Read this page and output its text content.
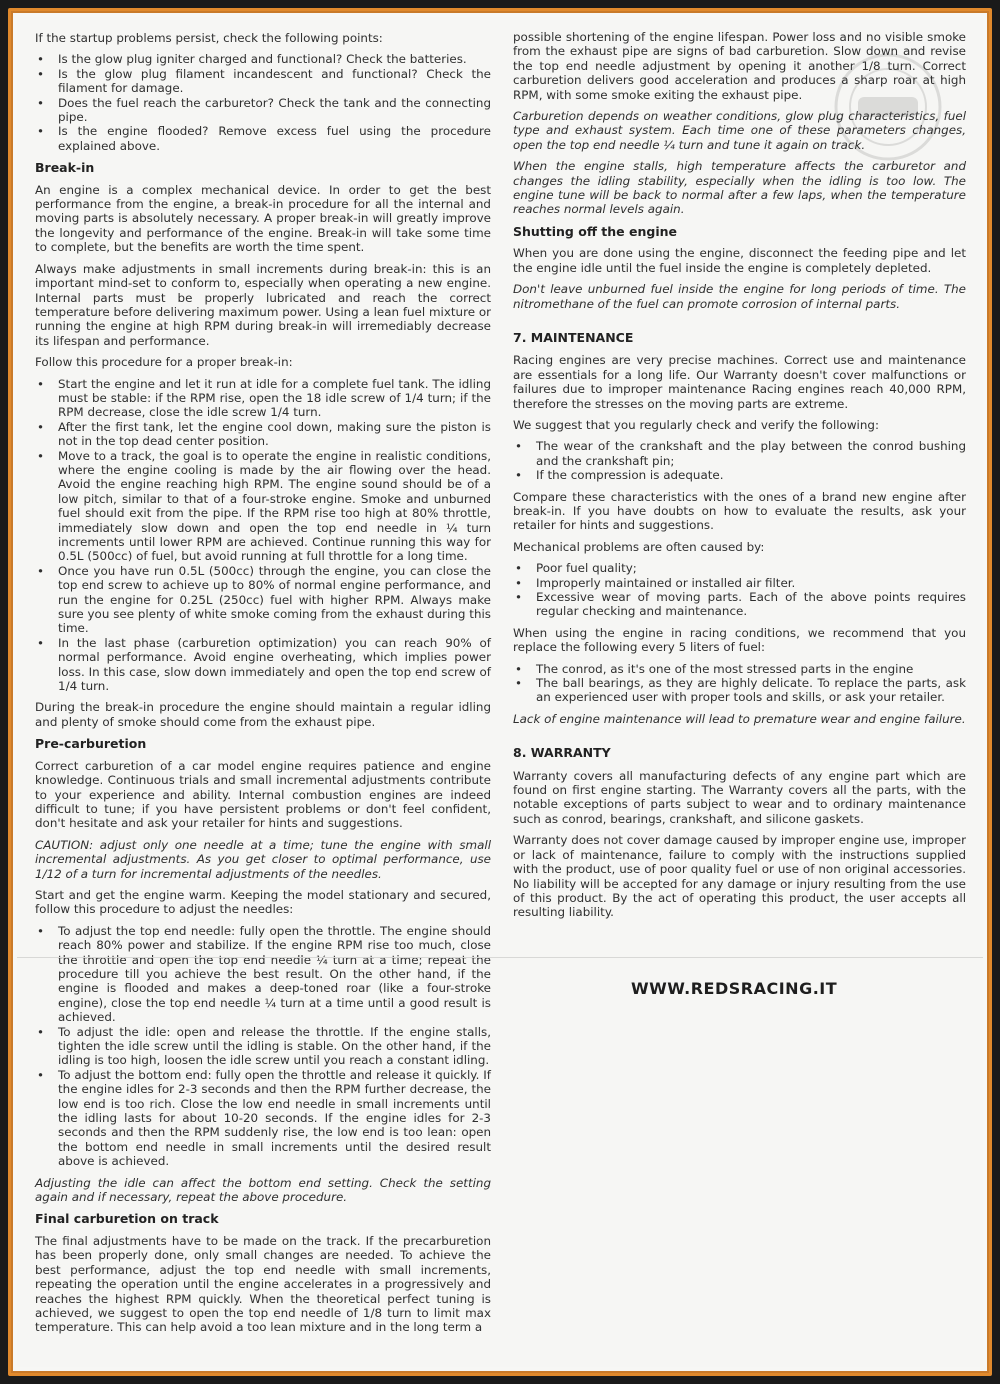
If the startup problems persist, check the following points:

• Is the glow plug igniter charged and functional? Check the batteries.
• Is the glow plug filament incandescent and functional? Check the filament for damage.
• Does the fuel reach the carburetor? Check the tank and the connecting pipe.
• Is the engine flooded? Remove excess fuel using the procedure explained above.
Break-in

An engine is a complex mechanical device. In order to get the best performance from the engine, a break-in procedure for all the internal and moving parts is absolutely necessary. A proper break-in will greatly improve the longevity and performance of the engine. Break-in will take some time to complete, but the benefits are worth the time spent.

Always make adjustments in small increments during break-in: this is an important mind-set to conform to, especially when operating a new engine. Internal parts must be properly lubricated and reach the correct temperature before delivering maximum power. Using a lean fuel mixture or running the engine at high RPM during break-in will irremediably decrease its lifespan and performance.

Follow this procedure for a proper break-in:

• Start the engine and let it run at idle for a complete fuel tank. The idling must be stable: if the RPM rise, open the 18 idle screw of 1/4 turn; if the RPM decrease, close the idle screw 1/4 turn.
• After the first tank, let the engine cool down, making sure the piston is not in the top dead center position.
• Move to a track, the goal is to operate the engine in realistic conditions, where the engine cooling is made by the air flowing over the head. Avoid the engine reaching high RPM. The engine sound should be of a low pitch, similar to that of a four-stroke engine. Smoke and unburned fuel should exit from the pipe. If the RPM rise too high at 80% throttle, immediately slow down and open the top end needle in ¼ turn increments until lower RPM are achieved. Continue running this way for 0.5L (500cc) of fuel, but avoid running at full throttle for a long time.
• Once you have run 0.5L (500cc) through the engine, you can close the top end screw to achieve up to 80% of normal engine performance, and run the engine for 0.25L (250cc) fuel with higher RPM. Always make sure you see plenty of white smoke coming from the exhaust during this time.
• In the last phase (carburetion optimization) you can reach 90% of normal performance. Avoid engine overheating, which implies power loss. In this case, slow down immediately and open the top end screw of 1/4 turn.

During the break-in procedure the engine should maintain a regular idling and plenty of smoke should come from the exhaust pipe.

Pre-carburetion

Correct carburetion of a car model engine requires patience and engine knowledge. Continuous trials and small incremental adjustments contribute to your experience and ability. Internal combustion engines are indeed difficult to tune; if you have persistent problems or don't feel confident, don't hesitate and ask your retailer for hints and suggestions.

CAUTION: adjust only one needle at a time; tune the engine with small incremental adjustments. As you get closer to optimal performance, use 1/12 of a turn for incremental adjustments of the needles.

Start and get the engine warm. Keeping the model stationary and secured, follow this procedure to adjust the needles:

• To adjust the top end needle: fully open the throttle. The engine should reach 80% power and stabilize. If the engine RPM rise too much, close the throttle and open the top end needle ¼ turn at a time; repeat the procedure till you achieve the best result. On the other hand, if the engine is flooded and makes a deep-toned roar (like a four-stroke engine), close the top end needle ¼ turn at a time until a good result is achieved.
• To adjust the idle: open and release the throttle. If the engine stalls, tighten the idle screw until the idling is stable. On the other hand, if the idling is too high, loosen the idle screw until you reach a constant idling.
• To adjust the bottom end: fully open the throttle and release it quickly. If the engine idles for 2-3 seconds and then the RPM further decrease, the low end is too rich. Close the low end needle in small increments until the idling lasts for about 10-20 seconds. If the engine idles for 2-3 seconds and then the RPM suddenly rise, the low end is too lean: open the bottom end needle in small increments until the desired result above is achieved.

Adjusting the idle can affect the bottom end setting. Check the setting again and if necessary, repeat the above procedure.

Final carburetion on track

The final adjustments have to be made on the track. If the precarburetion has been properly done, only small changes are needed. To achieve the best performance, adjust the top end needle with small increments, repeating the operation until the engine accelerates in a progressively and reaches the highest RPM quickly. When the theoretical perfect tuning is achieved, we suggest to open the top end needle of 1/8 turn to limit max temperature. This can help avoid a too lean mixture and in the long term a

possible shortening of the engine lifespan. Power loss and no visible smoke from the exhaust pipe are signs of bad carburetion. Slow down and revise the top end needle adjustment by opening it another 1/8 turn. Correct carburetion delivers good acceleration and produces a sharp roar at high RPM, with some smoke exiting the exhaust pipe.

Carburetion depends on weather conditions, glow plug characteristics, fuel type and exhaust system. Each time one of these parameters changes, open the top end needle ¼ turn and tune it again on track.

When the engine stalls, high temperature affects the carburetor and changes the idling stability, especially when the idling is too low. The engine tune will be back to normal after a few laps, when the temperature reaches normal levels again.

Shutting off the engine

When you are done using the engine, disconnect the feeding pipe and let the engine idle until the fuel inside the engine is completely depleted.

Don't leave unburned fuel inside the engine for long periods of time. The nitromethane of the fuel can promote corrosion of internal parts.

7. MAINTENANCE

Racing engines are very precise machines. Correct use and maintenance are essentials for a long life. Our Warranty doesn't cover malfunctions or failures due to improper maintenance Racing engines reach 40,000 RPM, therefore the stresses on the moving parts are extreme.

We suggest that you regularly check and verify the following:

• The wear of the crankshaft and the play between the conrod bushing and the crankshaft pin;
• If the compression is adequate.

Compare these characteristics with the ones of a brand new engine after break-in. If you have doubts on how to evaluate the results, ask your retailer for hints and suggestions.

Mechanical problems are often caused by:

• Poor fuel quality;
• Improperly maintained or installed air filter.
• Excessive wear of moving parts. Each of the above points requires regular checking and maintenance.

When using the engine in racing conditions, we recommend that you replace the following every 5 liters of fuel:

• The conrod, as it's one of the most stressed parts in the engine
• The ball bearings, as they are highly delicate. To replace the parts, ask an experienced user with proper tools and skills, or ask your retailer.

Lack of engine maintenance will lead to premature wear and engine failure.

8. WARRANTY

Warranty covers all manufacturing defects of any engine part which are found on first engine starting. The Warranty covers all the parts, with the notable exceptions of parts subject to wear and to ordinary maintenance such as conrod, bearings, crankshaft, and silicone gaskets.

Warranty does not cover damage caused by improper engine use, improper or lack of maintenance, failure to comply with the instructions supplied with the product, use of poor quality fuel or use of non original accessories. No liability will be accepted for any damage or injury resulting from the use of this product. By the act of operating this product, the user accepts all resulting liability.

WWW.REDSRACING.IT
